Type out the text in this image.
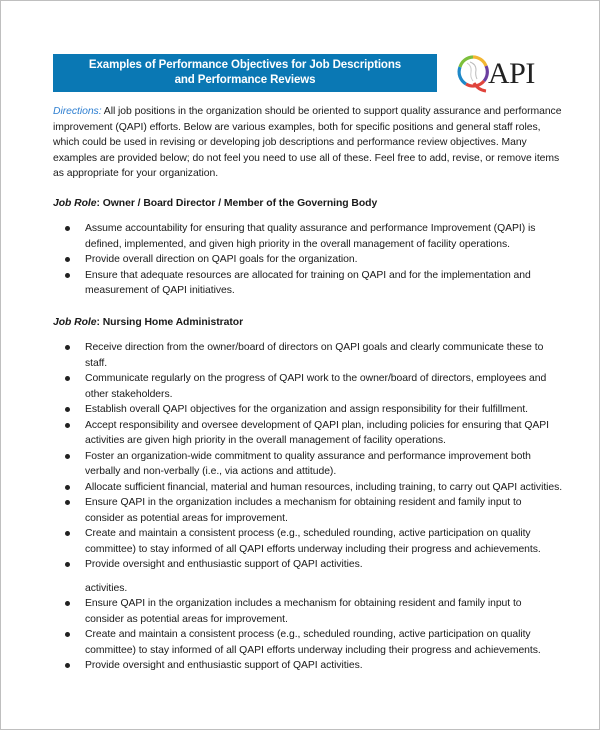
Examples of Performance Objectives for Job Descriptions
and Performance Reviews	API

Directions: All job positions in the organization should be oriented to support quality assurance and performance improvement (QAPI) efforts. Below are various examples, both for specific positions and general staff roles, which could be used in revising or developing job descriptions and performance review objectives. Many examples are provided below; do not feel you need to use all of these. Feel free to add, revise, or remove items as appropriate for your organization.

Job Role: Owner / Board Director / Member of the Governing Body

Assume accountability for ensuring that quality assurance and performance Improvement (QAPI) is defined, implemented, and given high priority in the overall management of facility operations.
Provide overall direction on QAPI goals for the organization.
Ensure that adequate resources are allocated for training on QAPI and for the implementation and measurement of QAPI initiatives.

Job Role: Nursing Home Administrator

Receive direction from the owner/board of directors on QAPI goals and clearly communicate these to staff.
Communicate regularly on the progress of QAPI work to the owner/board of directors, employees and other stakeholders.
Establish overall QAPI objectives for the organization and assign responsibility for their fulfillment.
Accept responsibility and oversee development of QAPI plan, including policies for ensuring that QAPI activities are given high priority in the overall management of facility operations.
Foster an organization-wide commitment to quality assurance and performance improvement both verbally and non-verbally (i.e., via actions and attitude).
Allocate sufficient financial, material and human resources, including training, to carry out QAPI activities.
Ensure QAPI in the organization includes a mechanism for obtaining resident and family input to consider as potential areas for improvement.
Create and maintain a consistent process (e.g., scheduled rounding, active participation on quality committee) to stay informed of all QAPI efforts underway including their progress and achievements.
Provide oversight and enthusiastic support of QAPI activities.

activities.

Ensure QAPI in the organization includes a mechanism for obtaining resident and family input to consider as potential areas for improvement.
Create and maintain a consistent process (e.g., scheduled rounding, active participation on quality committee) to stay informed of all QAPI efforts underway including their progress and achievements.
Provide oversight and enthusiastic support of QAPI activities.
